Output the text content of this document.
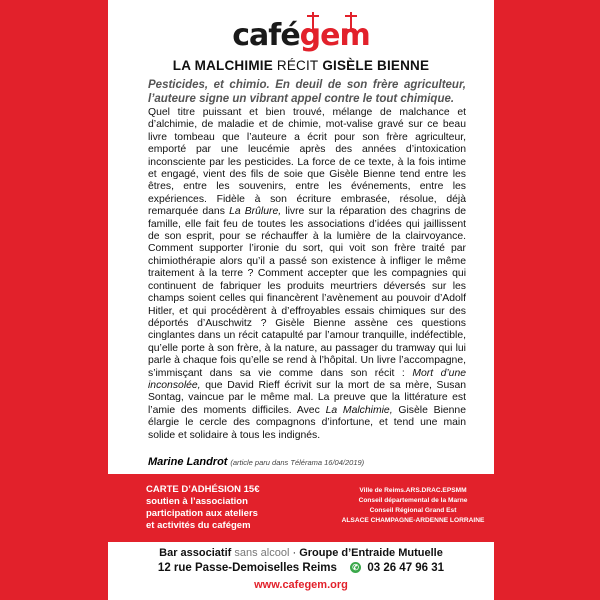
cafégem
LA MALCHIMIE RÉCIT GISÈLE BIENNE
Pesticides, et chimio. En deuil de son frère agriculteur, l’auteure signe un vibrant appel contre le tout chimique.
Quel titre puissant et bien trouvé, mélange de malchance et d’alchimie, de maladie et de chimie, mot-valise gravé sur ce beau livre tombeau que l’auteure a écrit pour son frère agriculteur, emporté par une leucémie après des années d’intoxication inconsciente par les pesticides. La force de ce texte, à la fois intime et engagé, vient des fils de soie que Gisèle Bienne tend entre les êtres, entre les souvenirs, entre les événements, entre les expériences. Fidèle à son écriture embrasée, résolue, déjà remarquée dans La Brûlure, livre sur la réparation des chagrins de famille, elle fait feu de toutes les associations d’idées qui jaillissent de son esprit, pour se réchauffer à la lumière de la clairvoyance. Comment supporter l’ironie du sort, qui voit son frère traité par chimiothérapie alors qu’il a passé son existence à infliger le même traitement à la terre ? Comment accepter que les compagnies qui continuent de fabriquer les produits meurtriers déversés sur les champs soient celles qui financèrent l’avènement au pouvoir d’Adolf Hitler, et qui procédèrent à d’effroyables essais chimiques sur des déportés d’Auschwitz ? Gisèle Bienne assène ces questions cinglantes dans un récit catapulté par l’amour tranquille, indéfectible, qu’elle porte à son frère, à la nature, au passager du tramway qui lui parle à chaque fois qu’elle se rend à l’hôpital. Un livre l’accompagne, s’immisçant dans sa vie comme dans son récit : Mort d’une inconsolée, que David Rieff écrivit sur la mort de sa mère, Susan Sontag, vaincue par le même mal. La preuve que la littérature est l’amie des moments difficiles. Avec La Malchimie, Gisèle Bienne élargie le cercle des compagnons d’infortune, et tend une main solide et solidaire à tous les indignés.
Marine Landrot (article paru dans Télérama 16/04/2019)
CARTE D’ADHÉSION 15€
soutien à l’association
participation aux ateliers
et activités du cafégem
Ville de Reims.ARS.DRAC.EPSMM
Conseil départemental de la Marne
Conseil Régional Grand Est
ALSACE CHAMPAGNE-ARDENNE LORRAINE
Bar associatif sans alcool · Groupe d’Entraide Mutuelle
12 rue Passe-Demoiselles Reims ✆ 03 26 47 96 31
www.cafegem.org
